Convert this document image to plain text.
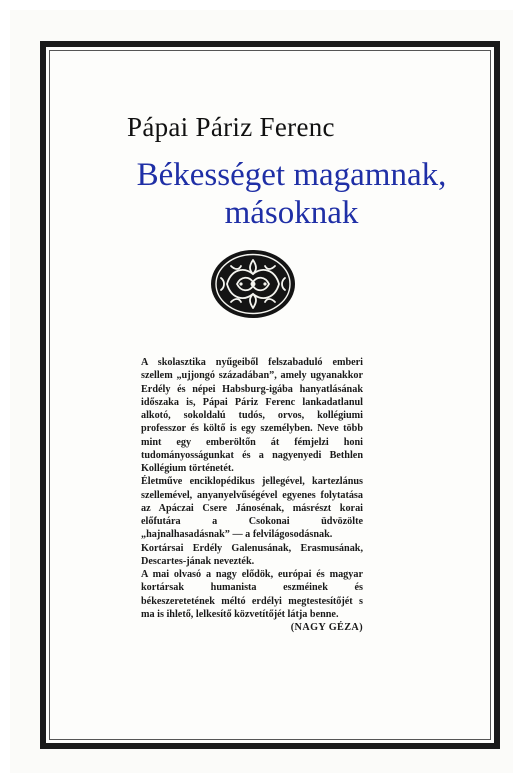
Pápai Páriz Ferenc
Békességet magamnak,
másoknak

A skolasztika nyűgeiből felszabaduló emberi szellem „ujjongó századában”, amely ugyanakkor Erdély és népei Habsburg-igába hanyatlásának időszaka is, Pápai Páriz Ferenc lankadatlanul alkotó, sokoldalú tudós, orvos, kollégiumi professzor és költő is egy személyben. Neve több mint egy emberöltőn át fémjelzi honi tudományosságunkat és a nagyenyedi Bethlen Kollégium történetét.

Életműve enciklopédikus jellegével, kartezlánus szellemével, anyanyelvűségével egyenes folytatása az Apáczai Csere Jánosénak, másrészt korai előfutára a Csokonai üdvözölte „hajnalhasadásnak” — a felvilágosodásnak.

Kortársai Erdély Galenusának, Erasmusának, Descartes-jának nevezték.

A mai olvasó a nagy elődök, európai és magyar kortársak humanista eszméinek és békeszeretetének méltó erdélyi megtestesítőjét s ma is ihlető, lelkesítő közvetítőjét látja benne.

(NAGY GÉZA)
